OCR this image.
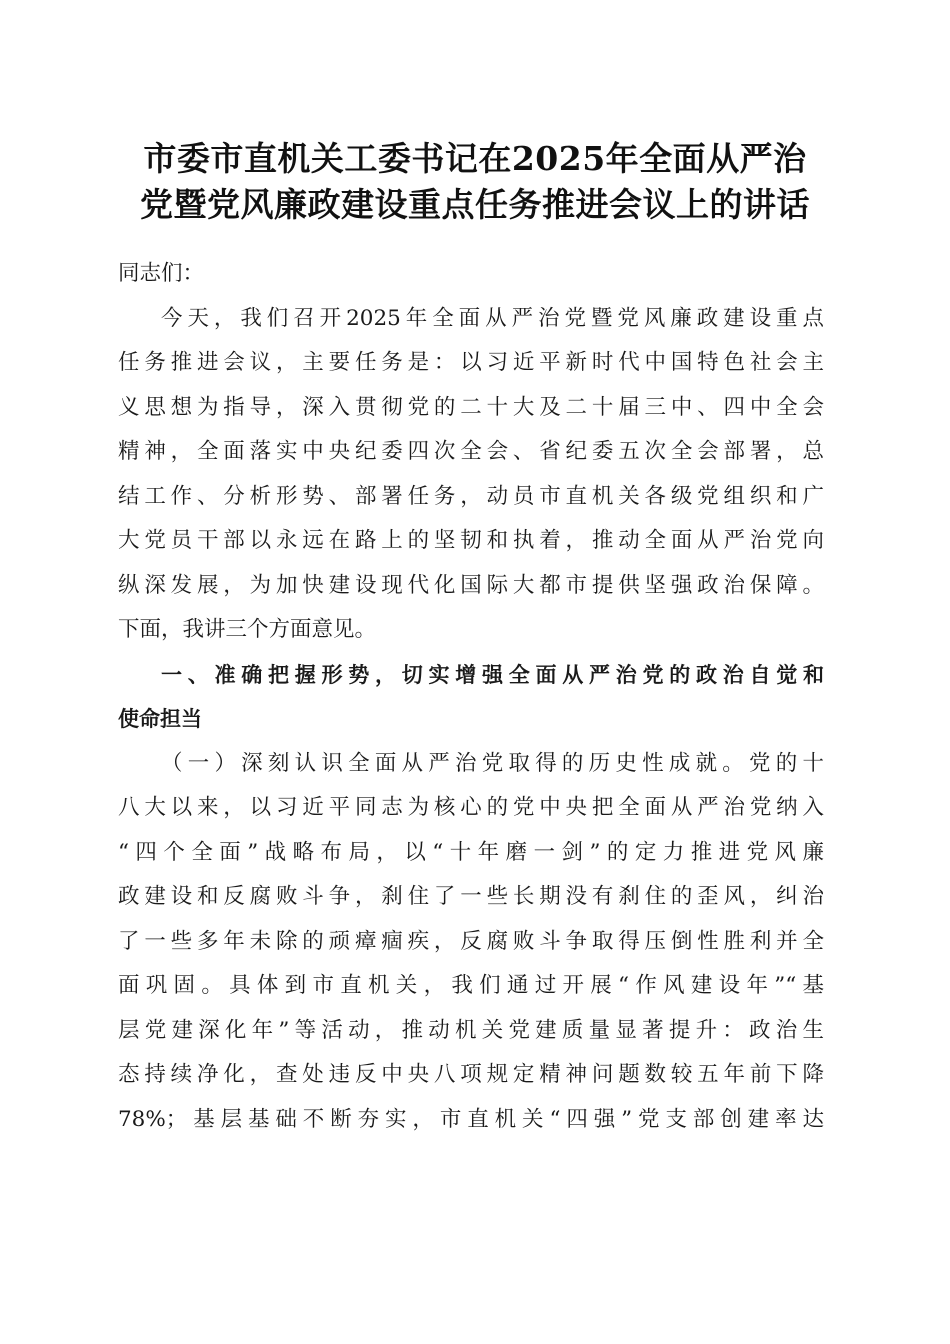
市委市直机关工委书记在2025年全面从严治
党暨党风廉政建设重点任务推进会议上的讲话
同志们：
今天，我们召开2025年全面从严治党暨党风廉政建设重点
任务推进会议，主要任务是：以习近平新时代中国特色社会主
义思想为指导，深入贯彻党的二十大及二十届三中、四中全会
精神，全面落实中央纪委四次全会、省纪委五次全会部署，总
结工作、分析形势、部署任务，动员市直机关各级党组织和广
大党员干部以永远在路上的坚韧和执着，推动全面从严治党向
纵深发展，为加快建设现代化国际大都市提供坚强政治保障。
下面，我讲三个方面意见。
一、准确把握形势，切实增强全面从严治党的政治自觉和
使命担当
（一）深刻认识全面从严治党取得的历史性成就。党的十
八大以来，以习近平同志为核心的党中央把全面从严治党纳入
“四个全面”战略布局，以“十年磨一剑”的定力推进党风廉
政建设和反腐败斗争，刹住了一些长期没有刹住的歪风，纠治
了一些多年未除的顽瘴痼疾，反腐败斗争取得压倒性胜利并全
面巩固。具体到市直机关，我们通过开展“作风建设年”“基
层党建深化年”等活动，推动机关党建质量显著提升：政治生
态持续净化，查处违反中央八项规定精神问题数较五年前下降
78%；基层基础不断夯实，市直机关“四强”党支部创建率达
